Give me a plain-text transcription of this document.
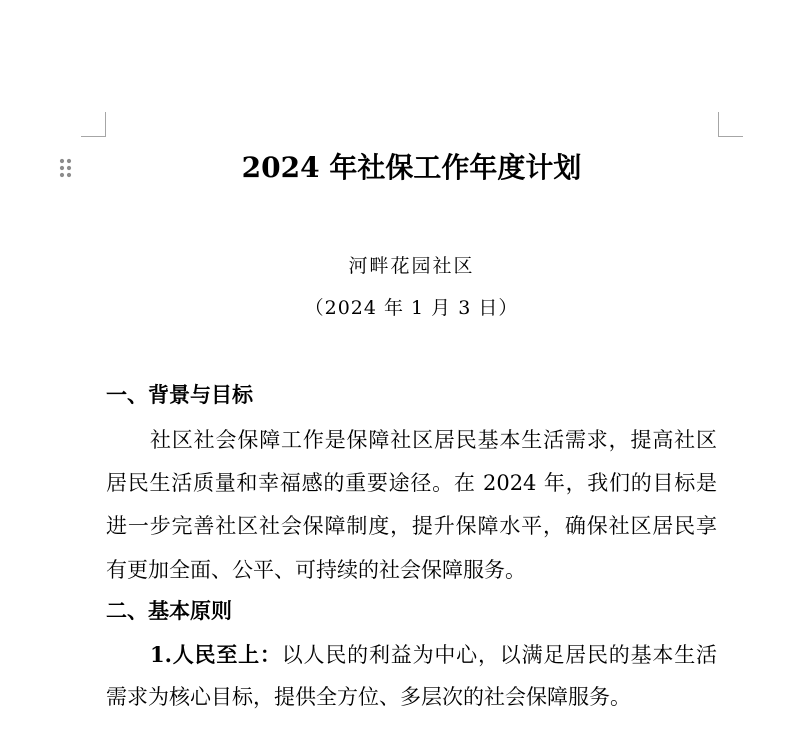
2024 年社保工作年度计划
河畔花园社区
（2024 年 1 月 3 日）
一、背景与目标
社区社会保障工作是保障社区居民基本生活需求，提高社区
居民生活质量和幸福感的重要途径。在 2024 年，我们的目标是
进一步完善社区社会保障制度，提升保障水平，确保社区居民享
有更加全面、公平、可持续的社会保障服务。
二、基本原则
1.人民至上：以人民的利益为中心，以满足居民的基本生活
需求为核心目标，提供全方位、多层次的社会保障服务。
